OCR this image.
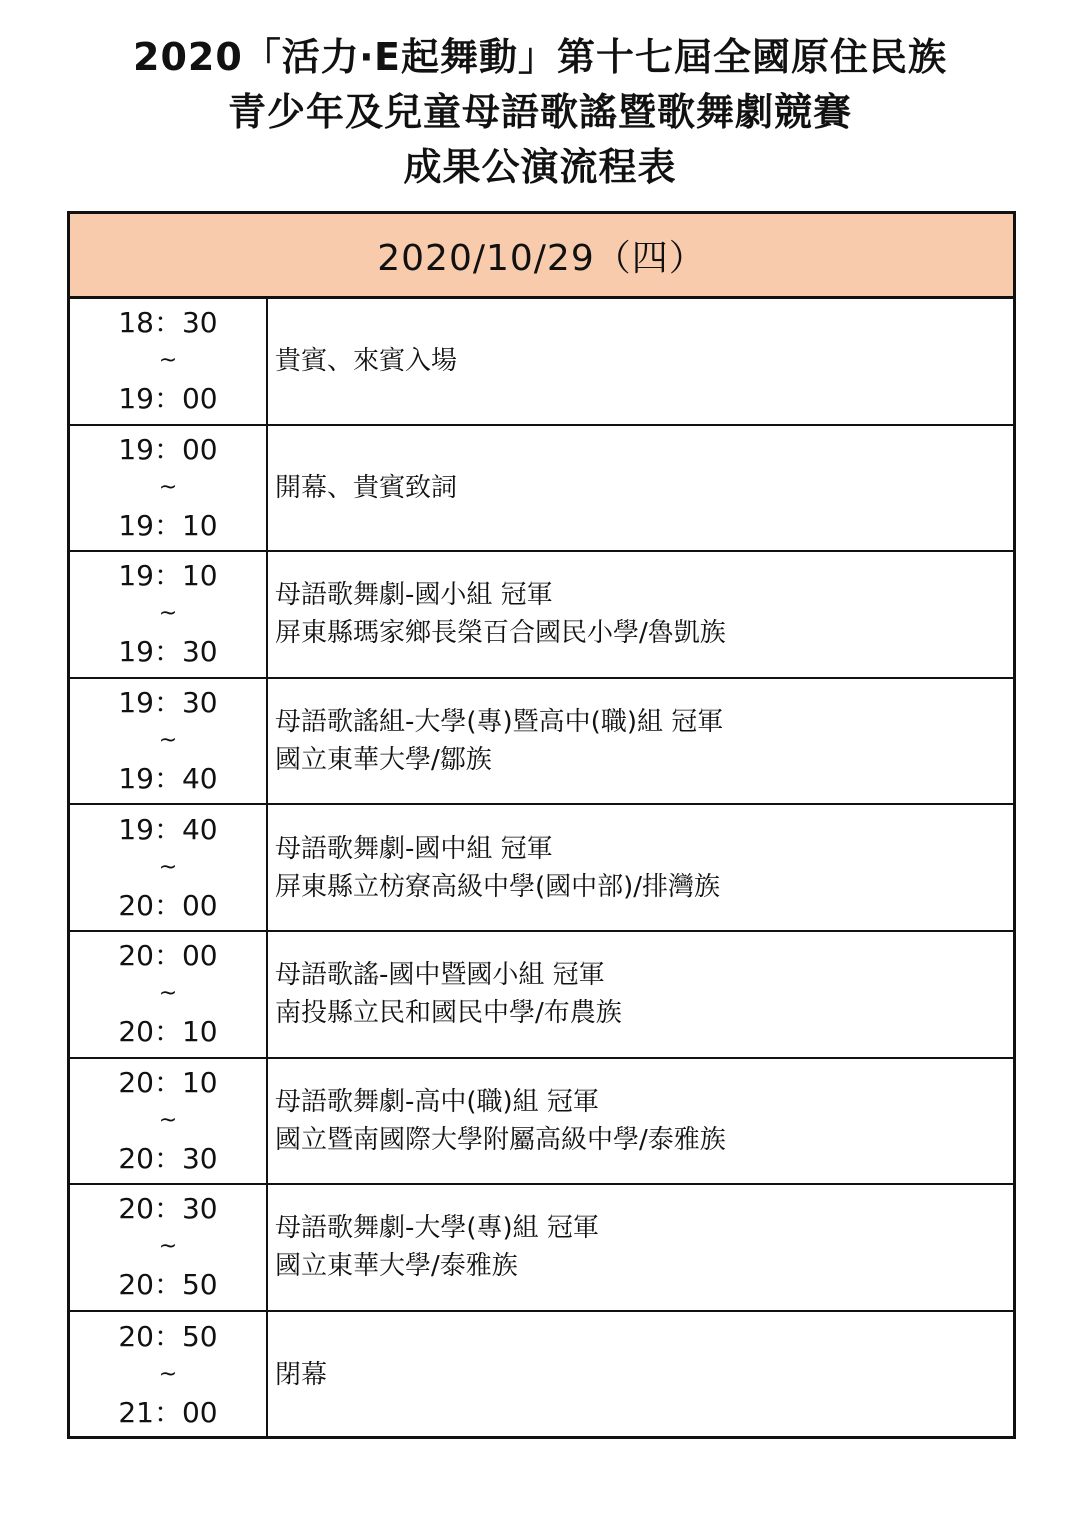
2020「活力‧E起舞動」第十七屆全國原住民族
青少年及兒童母語歌謠暨歌舞劇競賽
成果公演流程表
2020/10/29（四）
18：30
~
19：00
貴賓、來賓入場
19：00
~
19：10
開幕、貴賓致詞
19：10
~
19：30
母語歌舞劇-國小組 冠軍
屏東縣瑪家鄉長榮百合國民小學/魯凱族
19：30
~
19：40
母語歌謠組-大學(專)暨高中(職)組 冠軍
國立東華大學/鄒族
19：40
~
20：00
母語歌舞劇-國中組 冠軍
屏東縣立枋寮高級中學(國中部)/排灣族
20：00
~
20：10
母語歌謠-國中暨國小組 冠軍
南投縣立民和國民中學/布農族
20：10
~
20：30
母語歌舞劇-高中(職)組 冠軍
國立暨南國際大學附屬高級中學/泰雅族
20：30
~
20：50
母語歌舞劇-大學(專)組 冠軍
國立東華大學/泰雅族
20：50
~
21：00
閉幕
